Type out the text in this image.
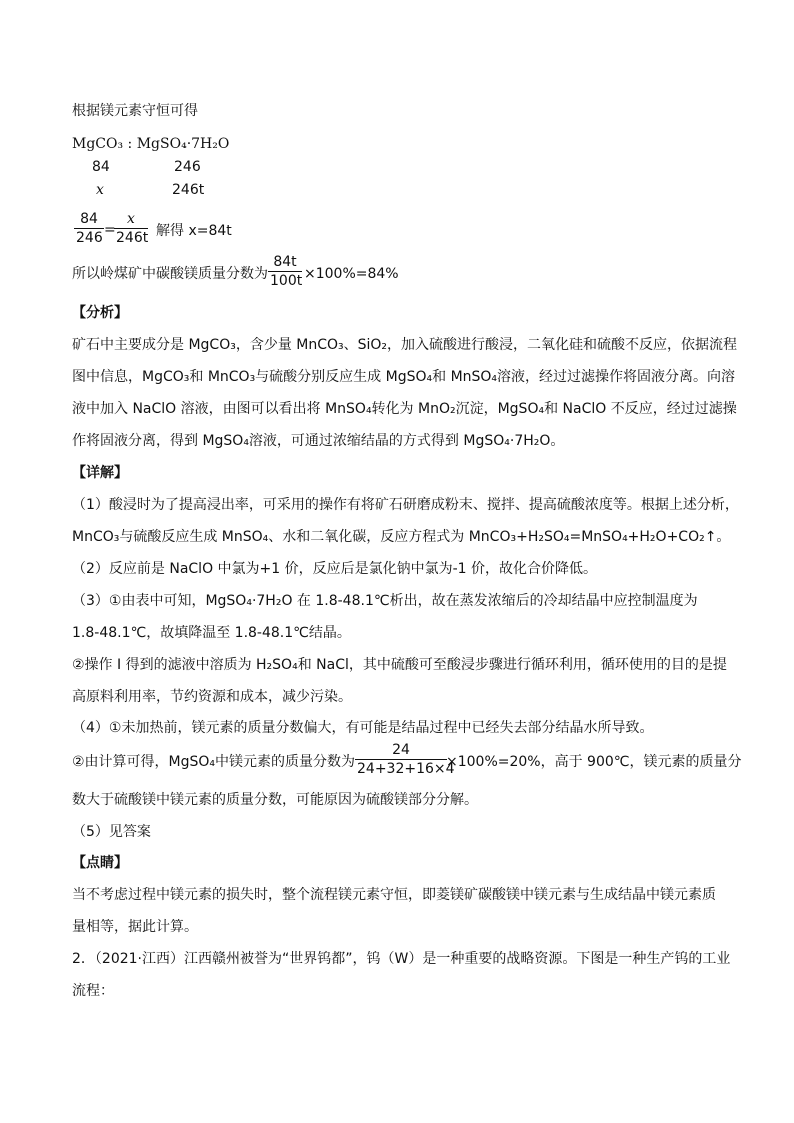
根据镁元素守恒可得
MgCO₃ : MgSO₄·7H₂O
84	246
x	246t
84
246 =
x
246t 解得 x=84t
所以岭煤矿中碳酸镁质量分数为
84t
100t ×100%=84%
【分析】
矿石中主要成分是 MgCO₃，含少量 MnCO₃、SiO₂，加入硫酸进行酸浸，二氧化硅和硫酸不反应，依据流程
图中信息，MgCO₃和 MnCO₃与硫酸分别反应生成 MgSO₄和 MnSO₄溶液，经过过滤操作将固液分离。向溶
液中加入 NaClO 溶液，由图可以看出将 MnSO₄转化为 MnO₂沉淀，MgSO₄和 NaClO 不反应，经过过滤操
作将固液分离，得到 MgSO₄溶液，可通过浓缩结晶的方式得到 MgSO₄·7H₂O。
【详解】
（1）酸浸时为了提高浸出率，可采用的操作有将矿石研磨成粉末、搅拌、提高硫酸浓度等。根据上述分析，
MnCO₃与硫酸反应生成 MnSO₄、水和二氧化碳，反应方程式为 MnCO₃+H₂SO₄=MnSO₄+H₂O+CO₂↑。
（2）反应前是 NaClO 中氯为+1 价，反应后是氯化钠中氯为-1 价，故化合价降低。
（3）①由表中可知，MgSO₄·7H₂O 在 1.8-48.1℃析出，故在蒸发浓缩后的冷却结晶中应控制温度为
1.8-48.1℃，故填降温至 1.8-48.1℃结晶。
②操作 I 得到的滤液中溶质为 H₂SO₄和 NaCl，其中硫酸可至酸浸步骤进行循环利用，循环使用的目的是提
高原料利用率，节约资源和成本，减少污染。
（4）①未加热前，镁元素的质量分数偏大，有可能是结晶过程中已经失去部分结晶水所导致。
②由计算可得，MgSO₄中镁元素的质量分数为
24
24+32+16×4
×100%=20%，高于 900℃，镁元素的质量分
数大于硫酸镁中镁元素的质量分数，可能原因为硫酸镁部分分解。
（5）见答案
【点睛】
当不考虑过程中镁元素的损失时，整个流程镁元素守恒，即菱镁矿碳酸镁中镁元素与生成结晶中镁元素质
量相等，据此计算。
2．（2021·江西）江西赣州被誉为“世界钨都”，钨（W）是一种重要的战略资源。下图是一种生产钨的工业
流程：
